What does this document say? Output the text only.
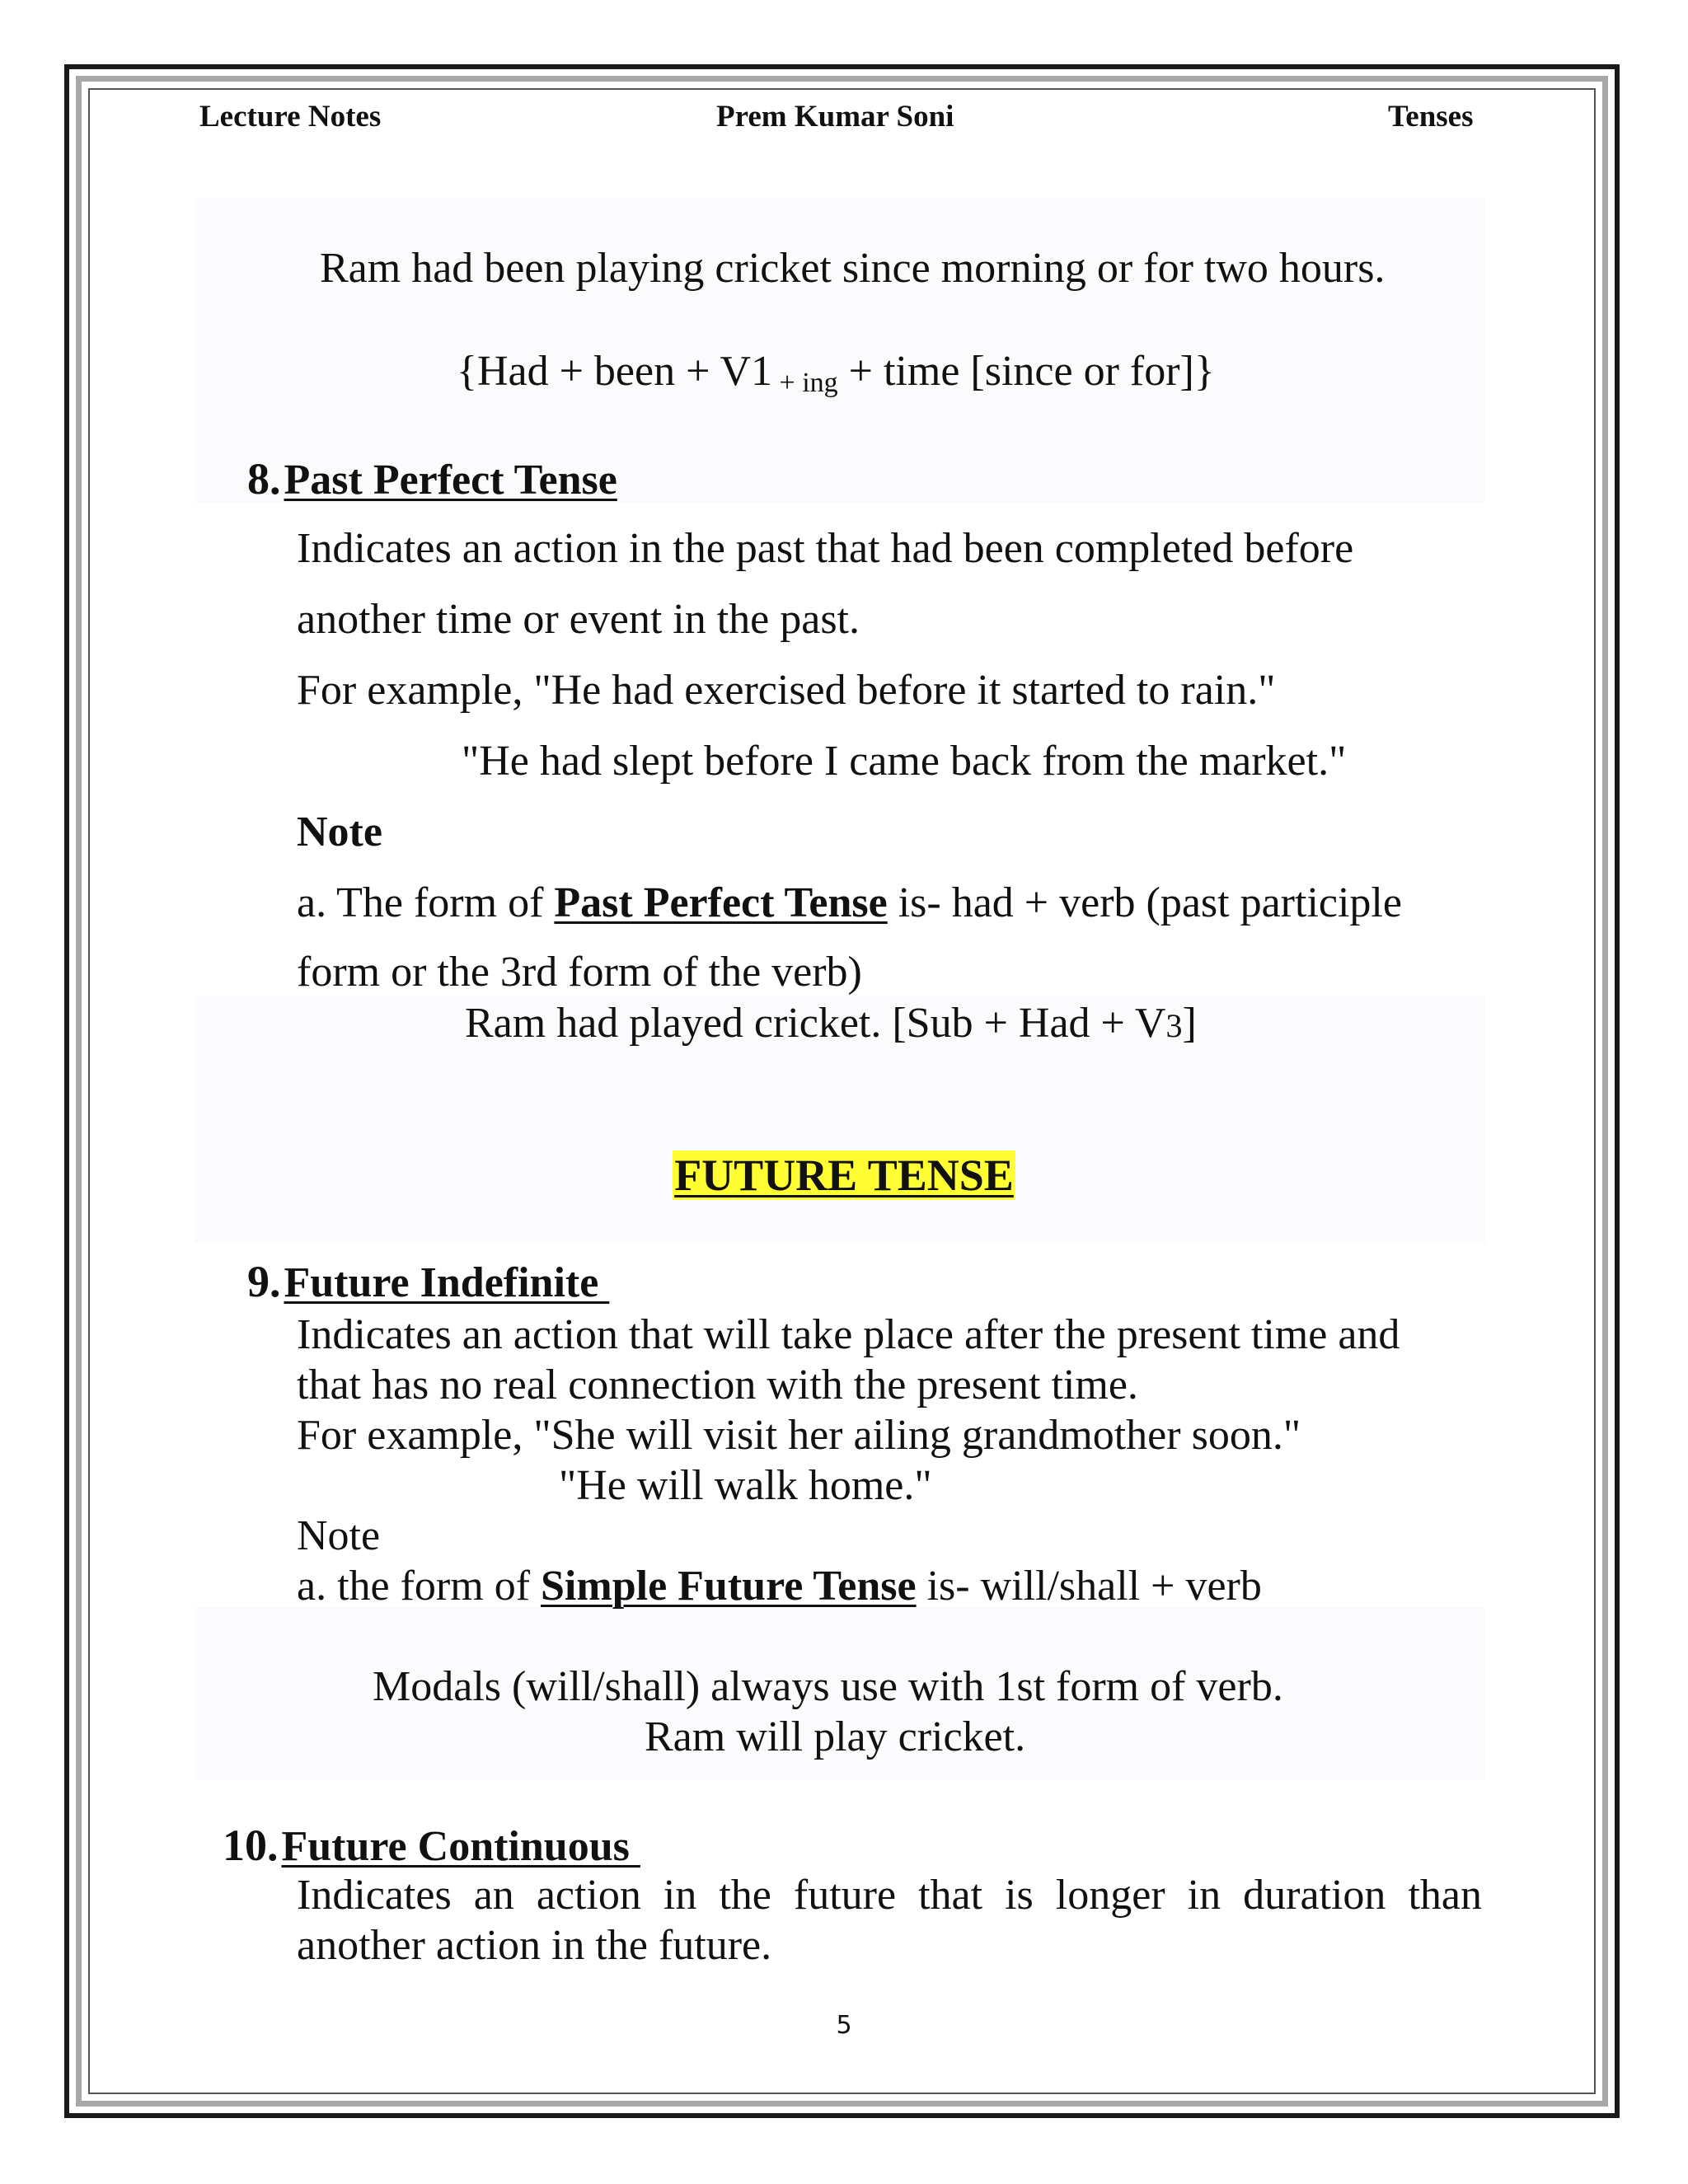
Lecture Notes	Prem Kumar Soni	Tenses
Ram had been playing cricket since morning or for two hours.
{Had + been + V1 + ing + time [since or for]}
8. Past Perfect Tense
Indicates an action in the past that had been completed before
another time or event in the past.
For example, "He had exercised before it started to rain."
"He had slept before I came back from the market."
Note
a. The form of Past Perfect Tense is- had + verb (past participle
form or the 3rd form of the verb)
Ram had played cricket. [Sub + Had + V3]
FUTURE TENSE
9. Future Indefinite
Indicates an action that will take place after the present time and
that has no real connection with the present time.
For example, "She will visit her ailing grandmother soon."
"He will walk home."
Note
a. the form of Simple Future Tense is- will/shall + verb
Modals (will/shall) always use with 1st form of verb.
Ram will play cricket.
10. Future Continuous
Indicates an action in the future that is longer in duration than
another action in the future.
5
